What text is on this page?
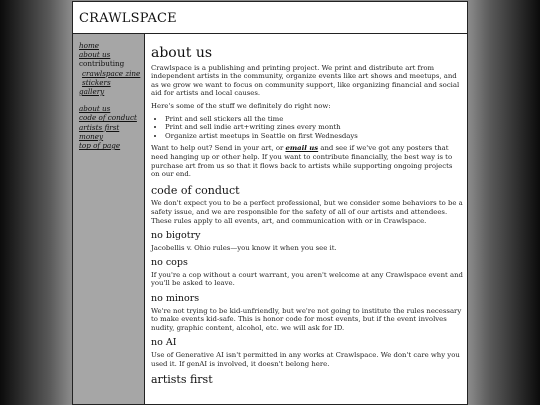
CRAWLSPACE
home
about us
contributing
crawlspace zine
stickers
gallery
about us
code of conduct
artists first
money
top of page
about us

Crawlspace is a publishing and printing project. We print and distribute art from independent artists in the community, organize events like art shows and meetups, and as we grow we want to focus on community support, like organizing financial and social aid for artists and local causes.

Here's some of the stuff we definitely do right now:

• Print and sell stickers all the time
• Print and sell indie art+writing zines every month
• Organize artist meetups in Seattle on first Wednesdays

Want to help out? Send in your art, or email us and see if we've got any posters that need hanging up or other help. If you want to contribute financially, the best way is to purchase art from us so that it flows back to artists while supporting ongoing projects on our end.

code of conduct

We don't expect you to be a perfect professional, but we consider some behaviors to be a safety issue, and we are responsible for the safety of all of our artists and attendees. These rules apply to all events, art, and communication with or in Crawlspace.

no bigotry

Jacobellis v. Ohio rules—you know it when you see it.

no cops

If you're a cop without a court warrant, you aren't welcome at any Crawlspace event and you'll be asked to leave.

no minors

We're not trying to be kid-unfriendly, but we're not going to institute the rules necessary to make events kid-safe. This is honor code for most events, but if the event involves nudity, graphic content, alcohol, etc. we will ask for ID.

no AI

Use of Generative AI isn't permitted in any works at Crawlspace. We don't care why you used it. If genAI is involved, it doesn't belong here.

artists first
